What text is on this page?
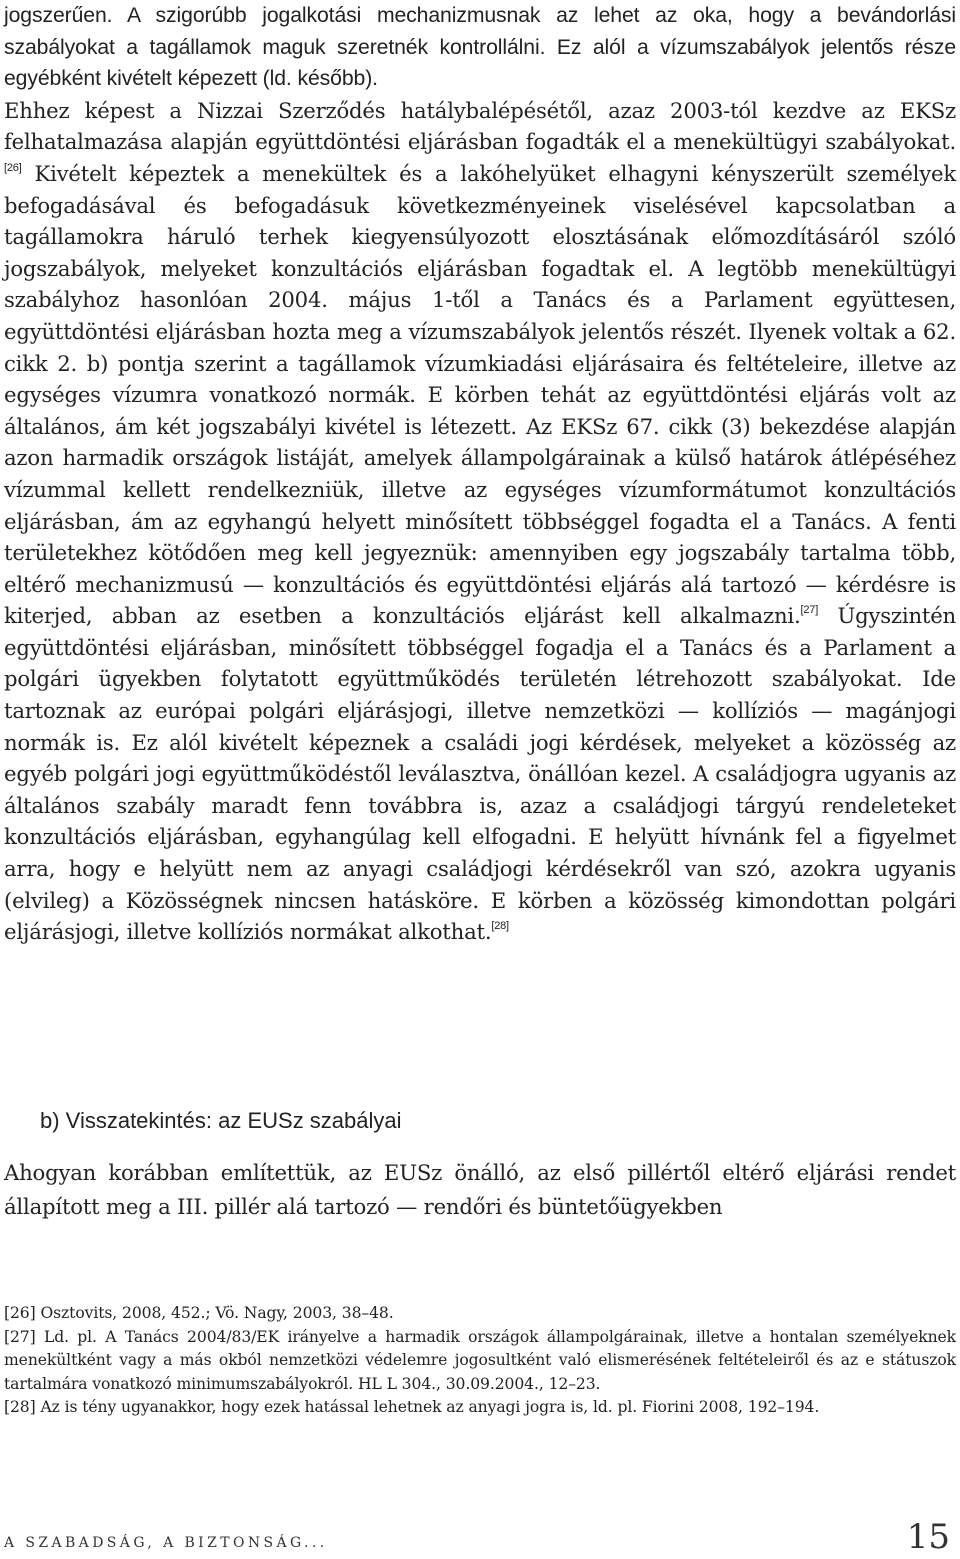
jogszerűen. A szigorúbb jogalkotási mechanizmusnak az lehet az oka, hogy a bevándorlási szabályokat a tagállamok maguk szeretnék kontrollálni. Ez alól a vízumszabályok jelentős része egyébként kivételt képezett (ld. később).

Ehhez képest a Nizzai Szerződés hatálybalépésétől, azaz 2003-tól kezdve az EKSz felhatalmazása alapján együttdöntési eljárásban fogadták el a menekültügyi szabályokat.[26] Kivételt képeztek a menekültek és a lakóhelyüket elhagyni kényszerült személyek befogadásával és befogadásuk következményeinek viselésével kapcsolatban a tagállamokra háruló terhek kiegyensúlyozott elosztásának előmozdításáról szóló jogszabályok, melyeket konzultációs eljárásban fogadtak el. A legtöbb menekültügyi szabályhoz hasonlóan 2004. május 1-től a Tanács és a Parlament együttesen, együttdöntési eljárásban hozta meg a vízumszabályok jelentős részét. Ilyenek voltak a 62. cikk 2. b) pontja szerint a tagállamok vízumkiadási eljárásaira és feltételeire, illetve az egységes vízumra vonatkozó normák. E körben tehát az együttdöntési eljárás volt az általános, ám két jogszabályi kivétel is létezett. Az EKSz 67. cikk (3) bekezdése alapján azon harmadik országok listáját, amelyek állampolgárainak a külső határok átlépéséhez vízummal kellett rendelkezniük, illetve az egységes vízumformátumot konzultációs eljárásban, ám az egyhangú helyett minősített többséggel fogadta el a Tanács. A fenti területekhez kötődően meg kell jegyeznük: amennyiben egy jogszabály tartalma több, eltérő mechanizmusú — konzultációs és együttdöntési eljárás alá tartozó — kérdésre is kiterjed, abban az esetben a konzultációs eljárást kell alkalmazni.[27] Úgyszintén együttdöntési eljárásban, minősített többséggel fogadja el a Tanács és a Parlament a polgári ügyekben folytatott együttműködés területén létrehozott szabályokat. Ide tartoznak az európai polgári eljárásjogi, illetve nemzetközi — kollíziós — magánjogi normák is. Ez alól kivételt képeznek a családi jogi kérdések, melyeket a közösség az egyéb polgári jogi együttműködéstől leválasztva, önállóan kezel. A családjogra ugyanis az általános szabály maradt fenn továbbra is, azaz a családjogi tárgyú rendeleteket konzultációs eljárásban, egyhangúlag kell elfogadni. E helyütt hívnánk fel a figyelmet arra, hogy e helyütt nem az anyagi családjogi kérdésekről van szó, azokra ugyanis (elvileg) a Közösségnek nincsen hatásköre. E körben a közösség kimondottan polgári eljárásjogi, illetve kollíziós normákat alkothat.[28]

b) Visszatekintés: az EUSz szabályai

Ahogyan korábban említettük, az EUSz önálló, az első pillértől eltérő eljárási rendet állapított meg a III. pillér alá tartozó — rendőri és büntetőügyekben

[26] Osztovits, 2008, 452.; Vö. Nagy, 2003, 38–48.

[27] Ld. pl. A Tanács 2004/83/EK irányelve a harmadik országok állampolgárainak, illetve a hontalan személyeknek menekültként vagy a más okból nemzetközi védelemre jogosultként való elismerésének feltételeiről és az e státuszok tartalmára vonatkozó minimumszabályokról. HL L 304., 30.09.2004., 12–23.

[28] Az is tény ugyanakkor, hogy ezek hatással lehetnek az anyagi jogra is, ld. pl. Fiorini 2008, 192–194.

A SZABADSÁG, A BIZTONSÁG...	15
